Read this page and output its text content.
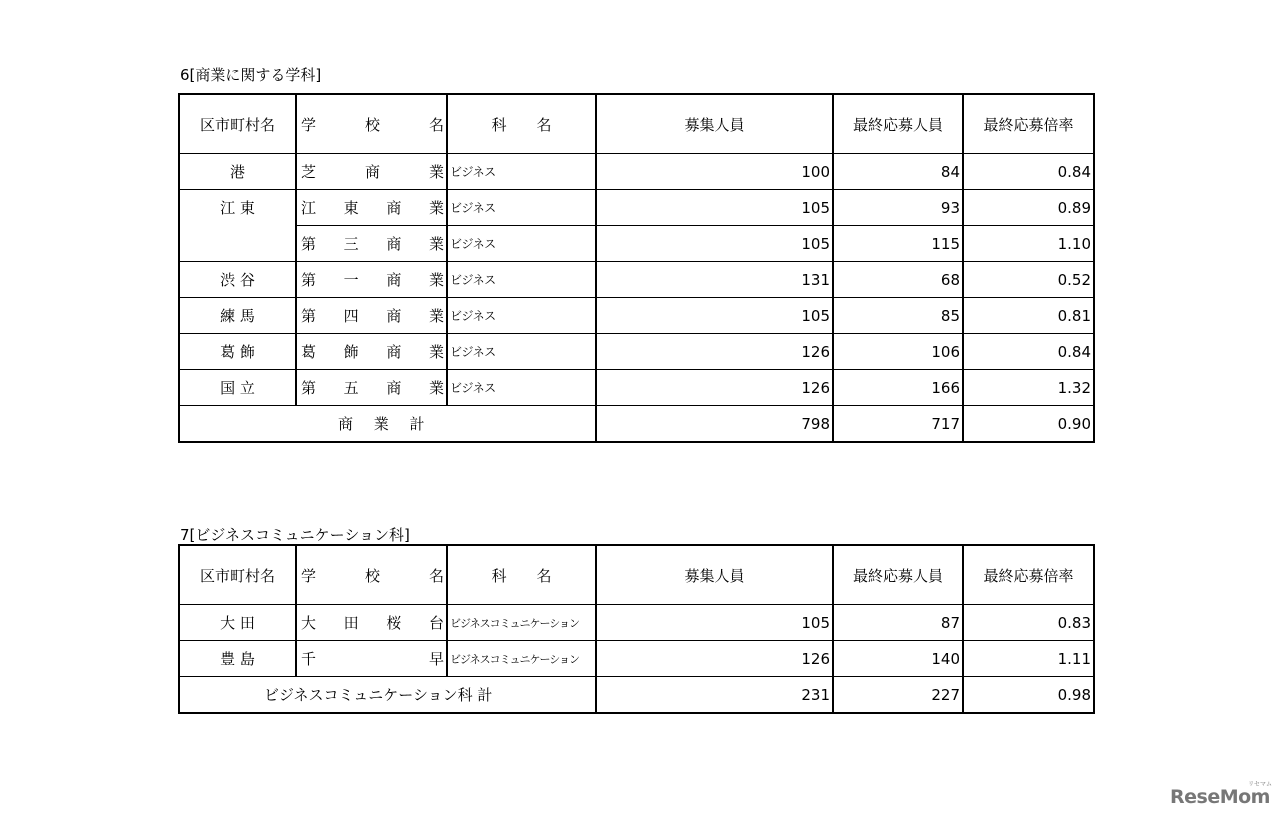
6[商業に関する学科]
区市町村名	学 校 名	科   名	募集人員	最終応募人員	最終応募倍率
港	芝 商 業	ビジネス	100	84	0.84
江 東	江 東 商 業	ビジネス	105	93	0.89

	第 三 商 業	ビジネス	105	115	1.10
渋 谷	第 一 商 業	ビジネス	131	68	0.52
練 馬	第 四 商 業	ビジネス	105	85	0.81
葛 飾	葛 飾 商 業	ビジネス	126	106	0.84
国 立	第 五 商 業	ビジネス	126	166	1.32
商 業 計			798	717	0.90
7[ビジネスコミュニケーション科]
区市町村名	学 校 名	科   名	募集人員	最終応募人員	最終応募倍率
大 田	大 田 桜 台	ビジネスコミュニケーション	105	87	0.83
豊 島	千 早	ビジネスコミュニケーション	126	140	1.11
ビジネスコミュニケーション科 計			231	227	0.98
リセマム
ReseMom
